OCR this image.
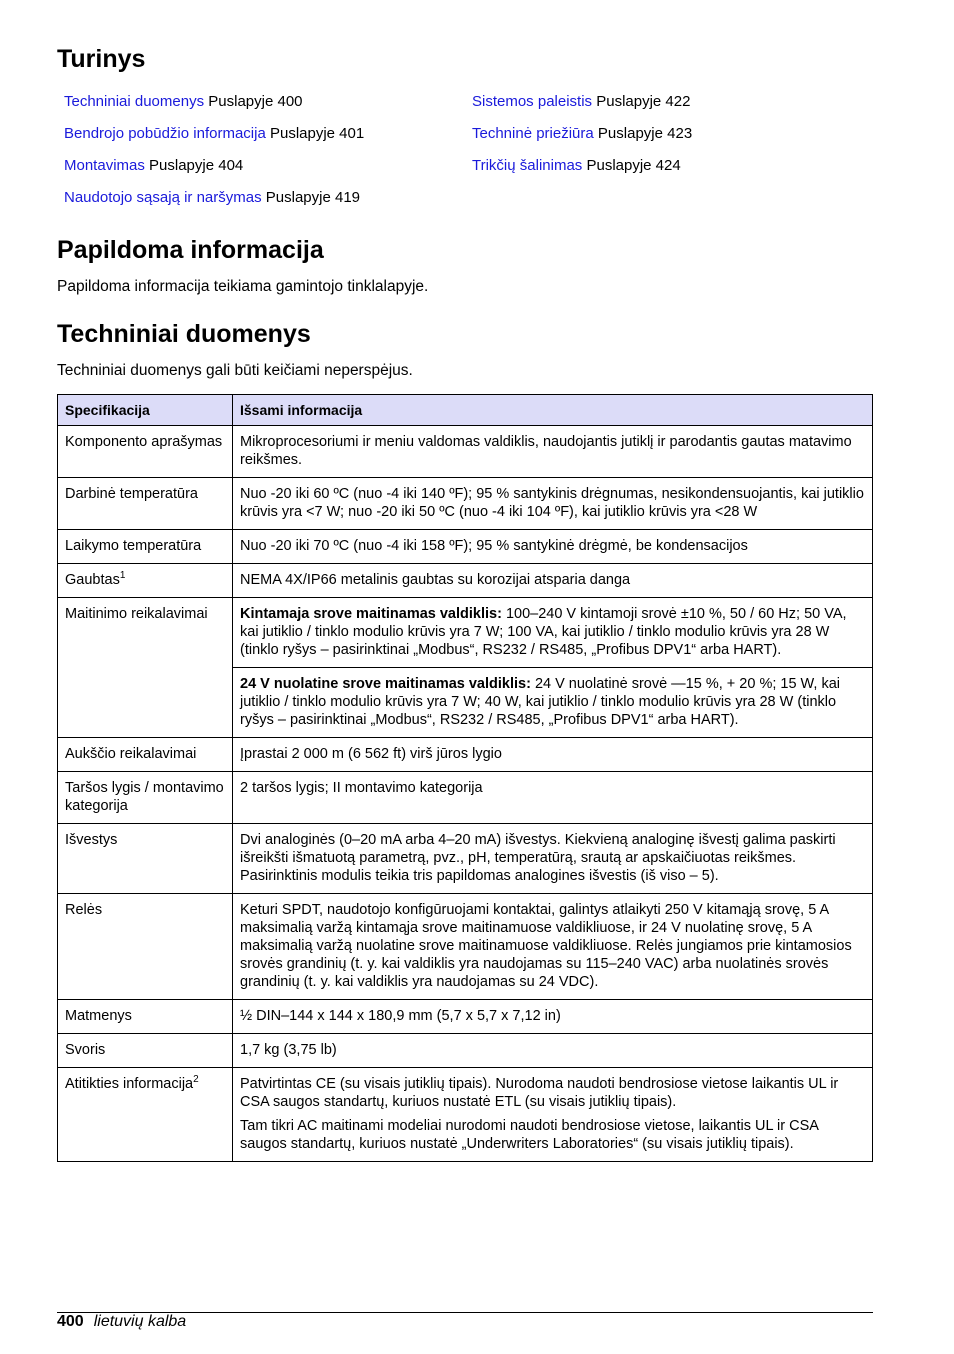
Turinys
Techniniai duomenys Puslapyje 400
Bendrojo pobūdžio informacija Puslapyje 401
Montavimas Puslapyje 404
Naudotojo sąsają ir naršymas Puslapyje 419
Sistemos paleistis Puslapyje 422
Techninė priežiūra Puslapyje 423
Trikčių šalinimas Puslapyje 424
Papildoma informacija
Papildoma informacija teikiama gamintojo tinklalapyje.
Techniniai duomenys
Techniniai duomenys gali būti keičiami neperspėjus.
Specifikacija	Išsami informacija
Komponento aprašymas	Mikroprocesoriumi ir meniu valdomas valdiklis, naudojantis jutiklį ir parodantis gautas matavimo reikšmes.
Darbinė temperatūra	Nuo -20 iki 60 ºC (nuo -4 iki 140 ºF); 95 % santykinis drėgnumas, nesikondensuojantis, kai jutiklio krūvis yra <7 W; nuo -20 iki 50 ºC (nuo -4 iki 104 ºF), kai jutiklio krūvis yra <28 W
Laikymo temperatūra	Nuo -20 iki 70 ºC (nuo -4 iki 158 ºF); 95 % santykinė drėgmė, be kondensacijos
Gaubtas$^1$	NEMA 4X/IP66 metalinis gaubtas su korozijai atsparia danga
Maitinimo reikalavimai	Kintamaja srove maitinamas valdiklis: 100–240 V kintamoji srovė ±10 %, 50 / 60 Hz; 50 VA, kai jutiklio / tinklo modulio krūvis yra 7 W; 100 VA, kai jutiklio / tinklo modulio krūvis yra 28 W (tinklo ryšys – pasirinktinai „Modbus“, RS232 / RS485, „Profibus DPV1“ arba HART).
24 V nuolatine srove maitinamas valdiklis: 24 V nuolatinė srovė —15 %, + 20 %; 15 W, kai jutiklio / tinklo modulio krūvis yra 7 W; 40 W, kai jutiklio / tinklo modulio krūvis yra 28 W (tinklo ryšys – pasirinktinai „Modbus“, RS232 / RS485, „Profibus DPV1“ arba HART).

Aukščio reikalavimai	Įprastai 2 000 m (6 562 ft) virš jūros lygio
Taršos lygis / montavimo kategorija	2 taršos lygis; II montavimo kategorija
Išvestys	Dvi analoginės (0–20 mA arba 4–20 mA) išvestys. Kiekvieną analoginę išvestį galima paskirti išreikšti išmatuotą parametrą, pvz., pH, temperatūrą, srautą ar apskaičiuotas reikšmes. Pasirinktinis modulis teikia tris papildomas analogines išvestis (iš viso – 5).
Relės	Keturi SPDT, naudotojo konfigūruojami kontaktai, galintys atlaikyti 250 V kitamąją srovę, 5 A maksimalią varžą kintamąja srove maitinamuose valdikliuose, ir 24 V nuolatinę srovę, 5 A maksimalią varžą nuolatine srove maitinamuose valdikliuose. Relės jungiamos prie kintamosios srovės grandinių (t. y. kai valdiklis yra naudojamas su 115–240 VAC) arba nuolatinės srovės grandinių (t. y. kai valdiklis yra naudojamas su 24 VDC).
Matmenys	½ DIN–144 x 144 x 180,9 mm (5,7 x 5,7 x 7,12 in)
Svoris	1,7 kg (3,75 lb)
Atitikties informacija$^2$	Patvirtintas CE (su visais jutiklių tipais). Nurodoma naudoti bendrosiose vietose laikantis UL ir CSA saugos standartų, kuriuos nustatė ETL (su visais jutiklių tipais).
Tam tikri AC maitinami modeliai nurodomi naudoti bendrosiose vietose, laikantis UL ir CSA saugos standartų, kuriuos nustatė „Underwriters Laboratories“ (su visais jutiklių tipais).
400 lietuvių kalba
